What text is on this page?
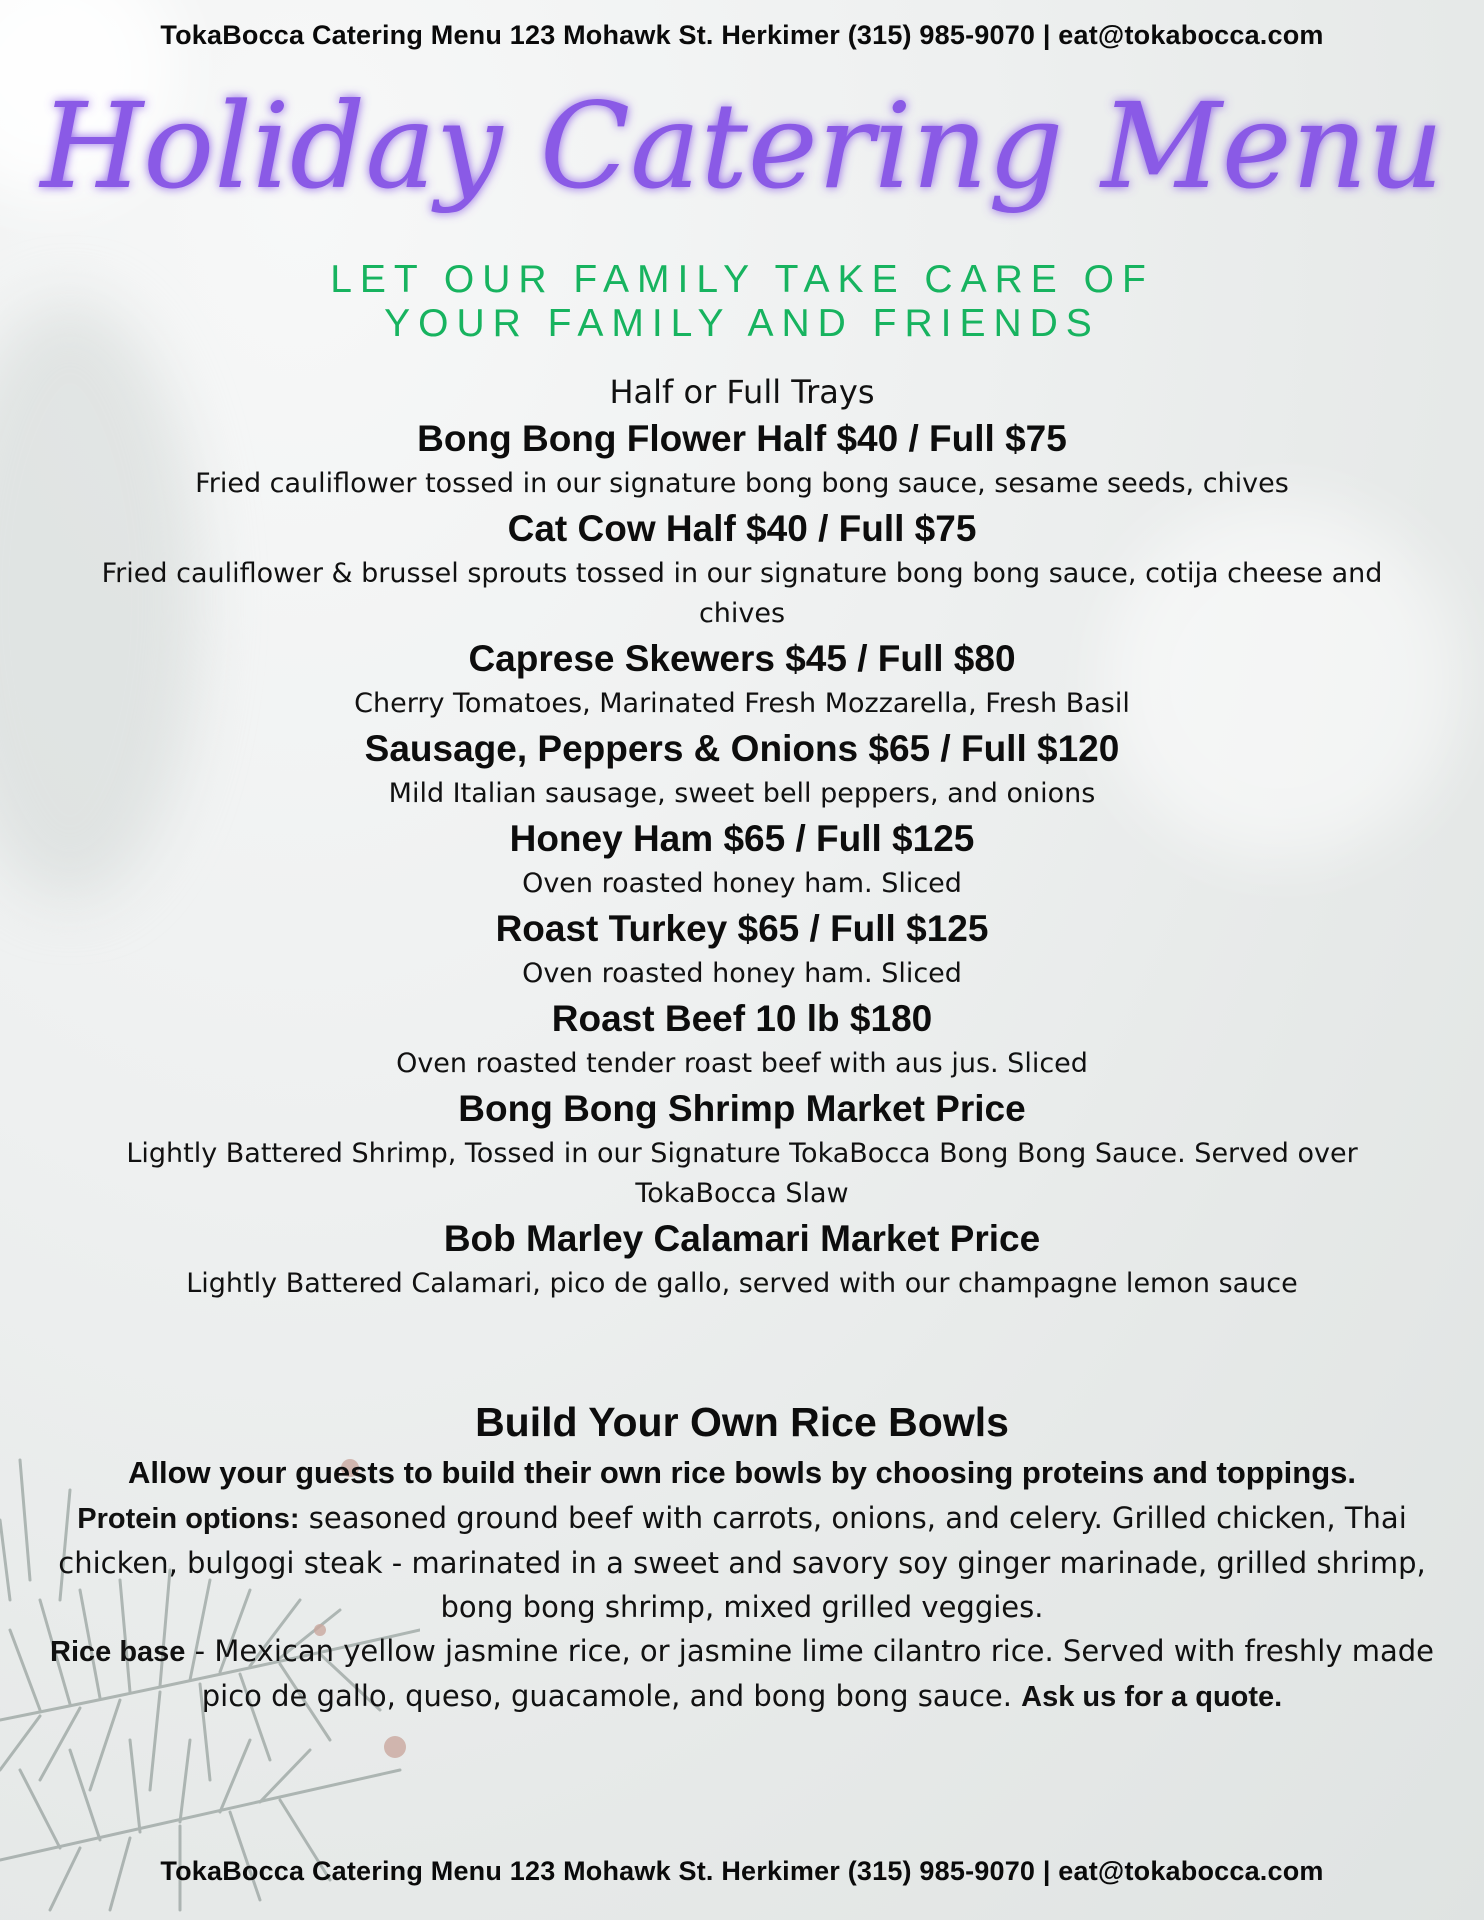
TokaBocca Catering Menu 123 Mohawk St. Herkimer (315) 985-9070 | eat@tokabocca.com
Holiday Catering Menu
LET OUR FAMILY TAKE CARE OF
YOUR FAMILY AND FRIENDS
Half or Full Trays
Bong Bong Flower Half $40 / Full $75
Fried cauliflower tossed in our signature bong bong sauce, sesame seeds, chives
Cat Cow Half $40 / Full $75
Fried cauliflower & brussel sprouts tossed in our signature bong bong sauce, cotija cheese and chives
Caprese Skewers $45 / Full $80
Cherry Tomatoes, Marinated Fresh Mozzarella, Fresh Basil
Sausage, Peppers & Onions $65 / Full $120
Mild Italian sausage, sweet bell peppers, and onions
Honey Ham $65 / Full $125
Oven roasted honey ham. Sliced
Roast Turkey $65 / Full $125
Oven roasted honey ham. Sliced
Roast Beef 10 lb $180
Oven roasted tender roast beef with aus jus. Sliced
Bong Bong Shrimp Market Price
Lightly Battered Shrimp, Tossed in our Signature TokaBocca Bong Bong Sauce. Served over TokaBocca Slaw
Bob Marley Calamari Market Price
Lightly Battered Calamari, pico de gallo, served with our champagne lemon sauce
Build Your Own Rice Bowls
Allow your guests to build their own rice bowls by choosing proteins and toppings.
Protein options: seasoned ground beef with carrots, onions, and celery. Grilled chicken, Thai chicken, bulgogi steak - marinated in a sweet and savory soy ginger marinade, grilled shrimp, bong bong shrimp, mixed grilled veggies.
Rice base - Mexican yellow jasmine rice, or jasmine lime cilantro rice. Served with freshly made pico de gallo, queso, guacamole, and bong bong sauce. Ask us for a quote.
TokaBocca Catering Menu 123 Mohawk St. Herkimer (315) 985-9070 | eat@tokabocca.com
